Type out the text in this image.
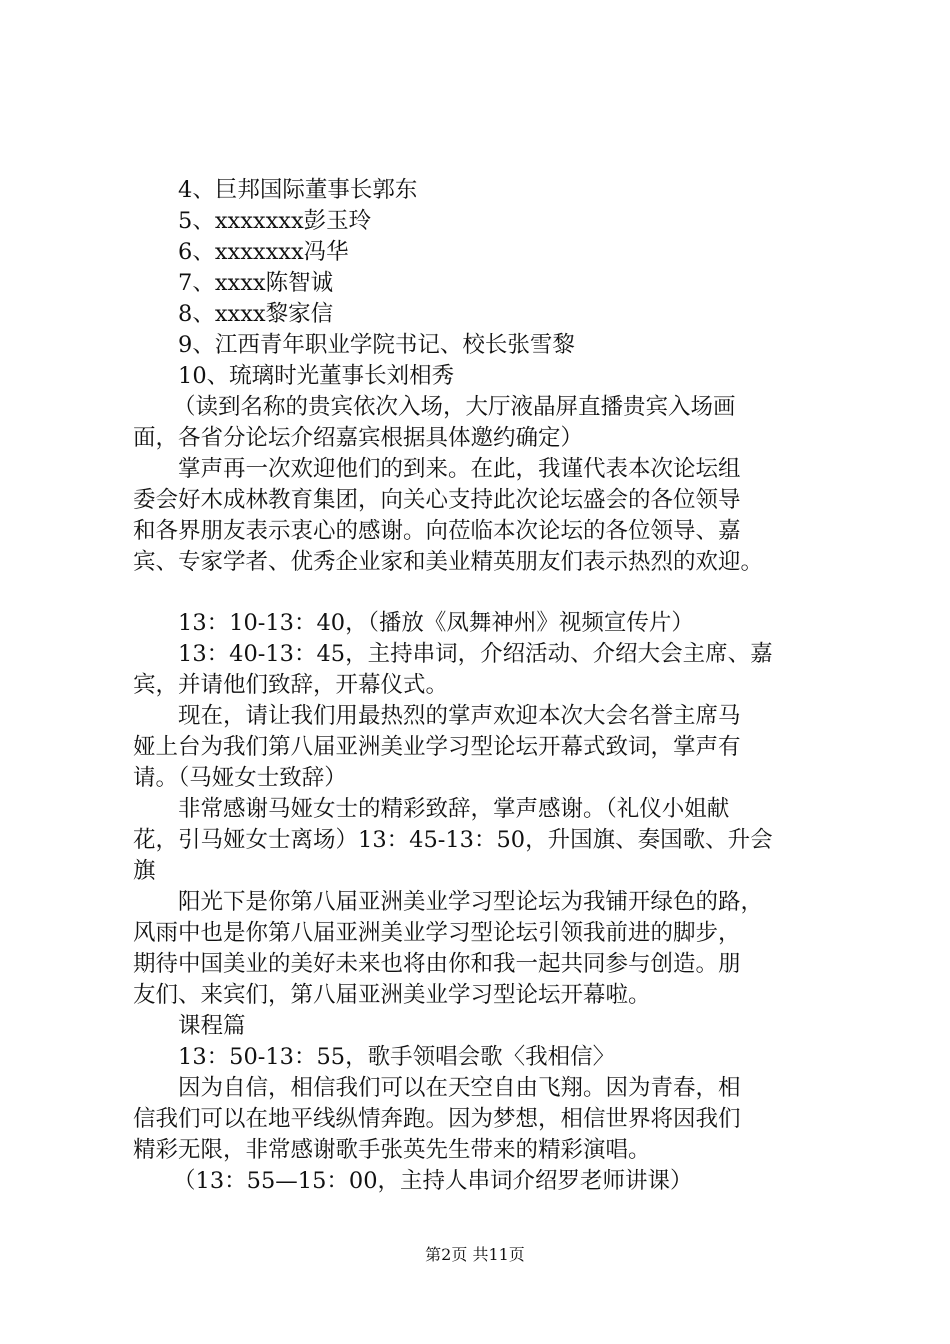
4、巨邦国际董事长郭东
5、xxxxxxx彭玉玲
6、xxxxxxx冯华
7、xxxx陈智诚
8、xxxx黎家信
9、江西青年职业学院书记、校长张雪黎
10、琉璃时光董事长刘相秀
（读到名称的贵宾依次入场，大厅液晶屏直播贵宾入场画
面，各省分论坛介绍嘉宾根据具体邀约确定）
掌声再一次欢迎他们的到来。在此，我谨代表本次论坛组
委会好木成林教育集团，向关心支持此次论坛盛会的各位领导
和各界朋友表示衷心的感谢。向莅临本次论坛的各位领导、嘉
宾、专家学者、优秀企业家和美业精英朋友们表示热烈的欢迎。
13：10-13：40，（播放《凤舞神州》视频宣传片）
13：40-13：45，主持串词，介绍活动、介绍大会主席、嘉
宾，并请他们致辞，开幕仪式。
现在，请让我们用最热烈的掌声欢迎本次大会名誉主席马
娅上台为我们第八届亚洲美业学习型论坛开幕式致词，掌声有
请。（马娅女士致辞）
非常感谢马娅女士的精彩致辞，掌声感谢。（礼仪小姐献
花，引马娅女士离场）13：45-13：50，升国旗、奏国歌、升会
旗
阳光下是你第八届亚洲美业学习型论坛为我铺开绿色的路，
风雨中也是你第八届亚洲美业学习型论坛引领我前进的脚步，
期待中国美业的美好未来也将由你和我一起共同参与创造。朋
友们、来宾们，第八届亚洲美业学习型论坛开幕啦。
课程篇
13：50-13：55，歌手领唱会歌〈我相信〉
因为自信，相信我们可以在天空自由飞翔。因为青春，相
信我们可以在地平线纵情奔跑。因为梦想，相信世界将因我们
精彩无限，非常感谢歌手张英先生带来的精彩演唱。
（13：55—15：00，主持人串词介绍罗老师讲课）
第2页 共11页
